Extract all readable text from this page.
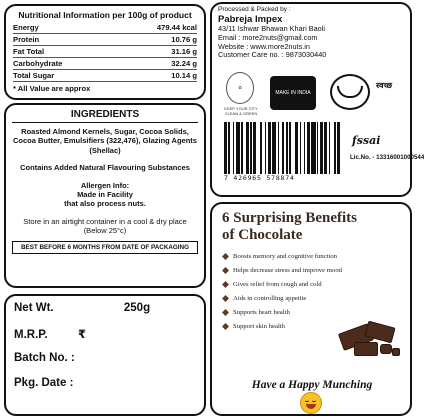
Nutritional Information per 100g of product
Energy	479.44 kcal
Protein	10.76 g
Fat Total	31.16 g
Carbohydrate	32.24 g
Total Sugar	10.14 g
* All Value are approx
INGREDIENTS
Roasted Almond Kernels, Sugar, Cocoa Solids, Cocoa Butter, Emulsifiers (322,476), Glazing Agents (Shellac)
Contains Added Natural Flavouring Substances
Allergen Info:
Made in Facility
that also process nuts.
Store in an airtight container in a cool & dry place (Below 25°c)
BEST BEFORE 6 MONTHS FROM DATE OF PACKAGING
Net Wt.	250g
M.R.P.	₹
Batch No. :
Pkg. Date :
Processed & Packed by :
Pabreja Impex
43/11 Ishwar Bhawan Khari Baoli
Email : more2nuts@gmail.com
Website : www.more2nuts.in
Customer Care no. : 9873030440
♻
KEEP YOUR CITY CLEAN & GREEN
MAKE IN INDIA
स्वच्छ
7 426965 578874
fssai
Lic.No. - 13316001000544
6 Surprising Benefits
of Chocolate
Boosts memory and cognitive function
Helps decrease stress and improve mood
Gives relief from cough and cold
Aids in controlling appetite
Supports heart health
Support skin health
Have a Happy Munching
